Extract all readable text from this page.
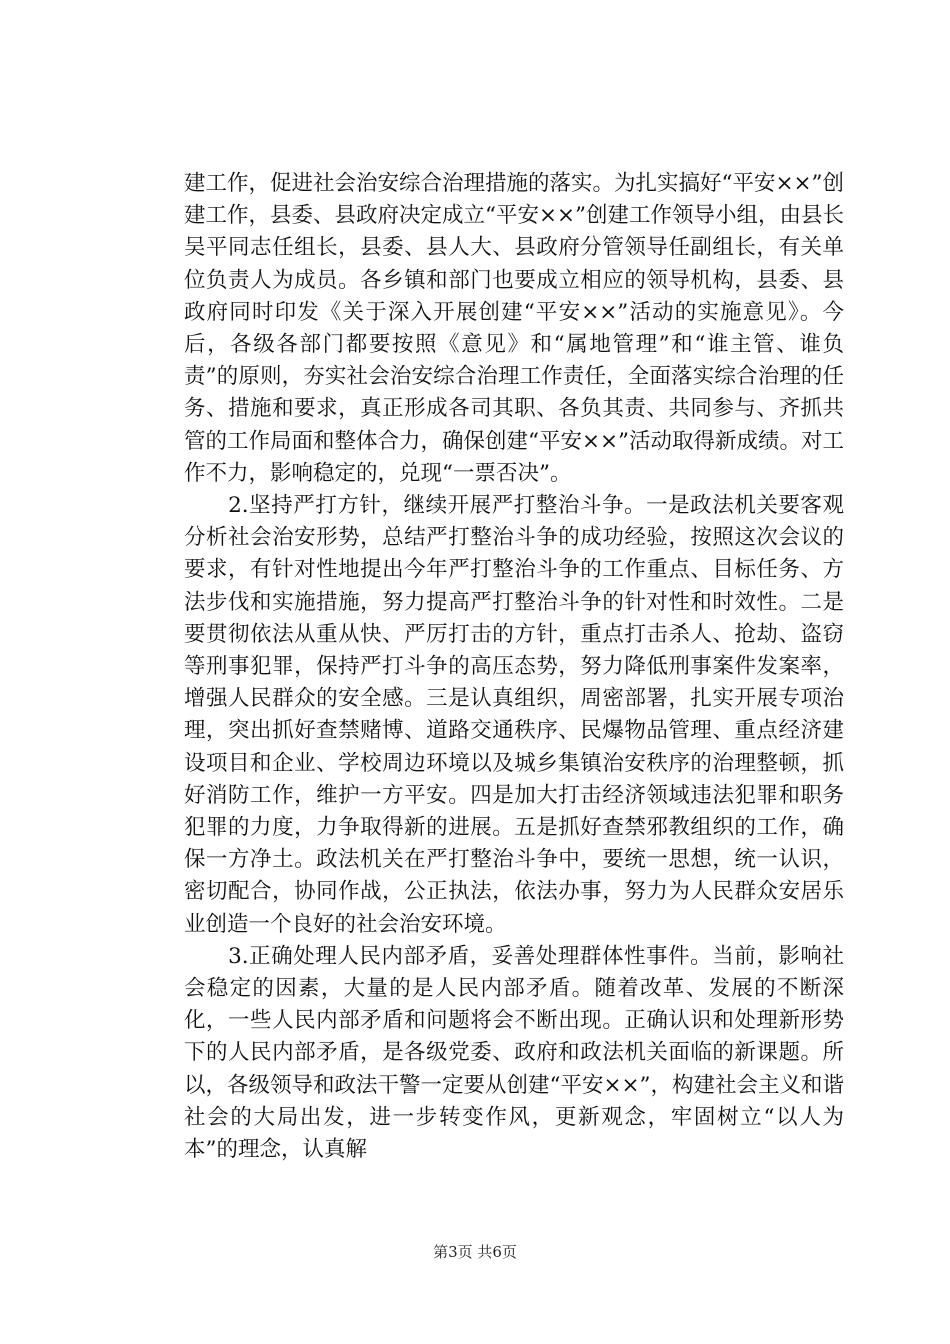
建工作，促进社会治安综合治理措施的落实。为扎实搞好“平安××”创建工作，县委、县政府决定成立“平安××”创建工作领导小组，由县长吴平同志任组长，县委、县人大、县政府分管领导任副组长，有关单位负责人为成员。各乡镇和部门也要成立相应的领导机构，县委、县政府同时印发《关于深入开展创建“平安××”活动的实施意见》。今后，各级各部门都要按照《意见》和“属地管理”和“谁主管、谁负责”的原则，夯实社会治安综合治理工作责任，全面落实综合治理的任务、措施和要求，真正形成各司其职、各负其责、共同参与、齐抓共管的工作局面和整体合力，确保创建“平安××”活动取得新成绩。对工作不力，影响稳定的，兑现“一票否决”。

　　2.坚持严打方针，继续开展严打整治斗争。一是政法机关要客观分析社会治安形势，总结严打整治斗争的成功经验，按照这次会议的要求，有针对性地提出今年严打整治斗争的工作重点、目标任务、方法步伐和实施措施，努力提高严打整治斗争的针对性和时效性。二是要贯彻依法从重从快、严厉打击的方针，重点打击杀人、抢劫、盗窃等刑事犯罪，保持严打斗争的高压态势，努力降低刑事案件发案率，增强人民群众的安全感。三是认真组织，周密部署，扎实开展专项治理，突出抓好查禁赌博、道路交通秩序、民爆物品管理、重点经济建设项目和企业、学校周边环境以及城乡集镇治安秩序的治理整顿，抓好消防工作，维护一方平安。四是加大打击经济领域违法犯罪和职务犯罪的力度，力争取得新的进展。五是抓好查禁邪教组织的工作，确保一方净土。政法机关在严打整治斗争中，要统一思想，统一认识，密切配合，协同作战，公正执法，依法办事，努力为人民群众安居乐业创造一个良好的社会治安环境。

　　3.正确处理人民内部矛盾，妥善处理群体性事件。当前，影响社会稳定的因素，大量的是人民内部矛盾。随着改革、发展的不断深化，一些人民内部矛盾和问题将会不断出现。正确认识和处理新形势下的人民内部矛盾，是各级党委、政府和政法机关面临的新课题。所以，各级领导和政法干警一定要从创建“平安××”，构建社会主义和谐社会的大局出发，进一步转变作风，更新观念，牢固树立“以人为本”的理念，认真解

第3页 共6页
